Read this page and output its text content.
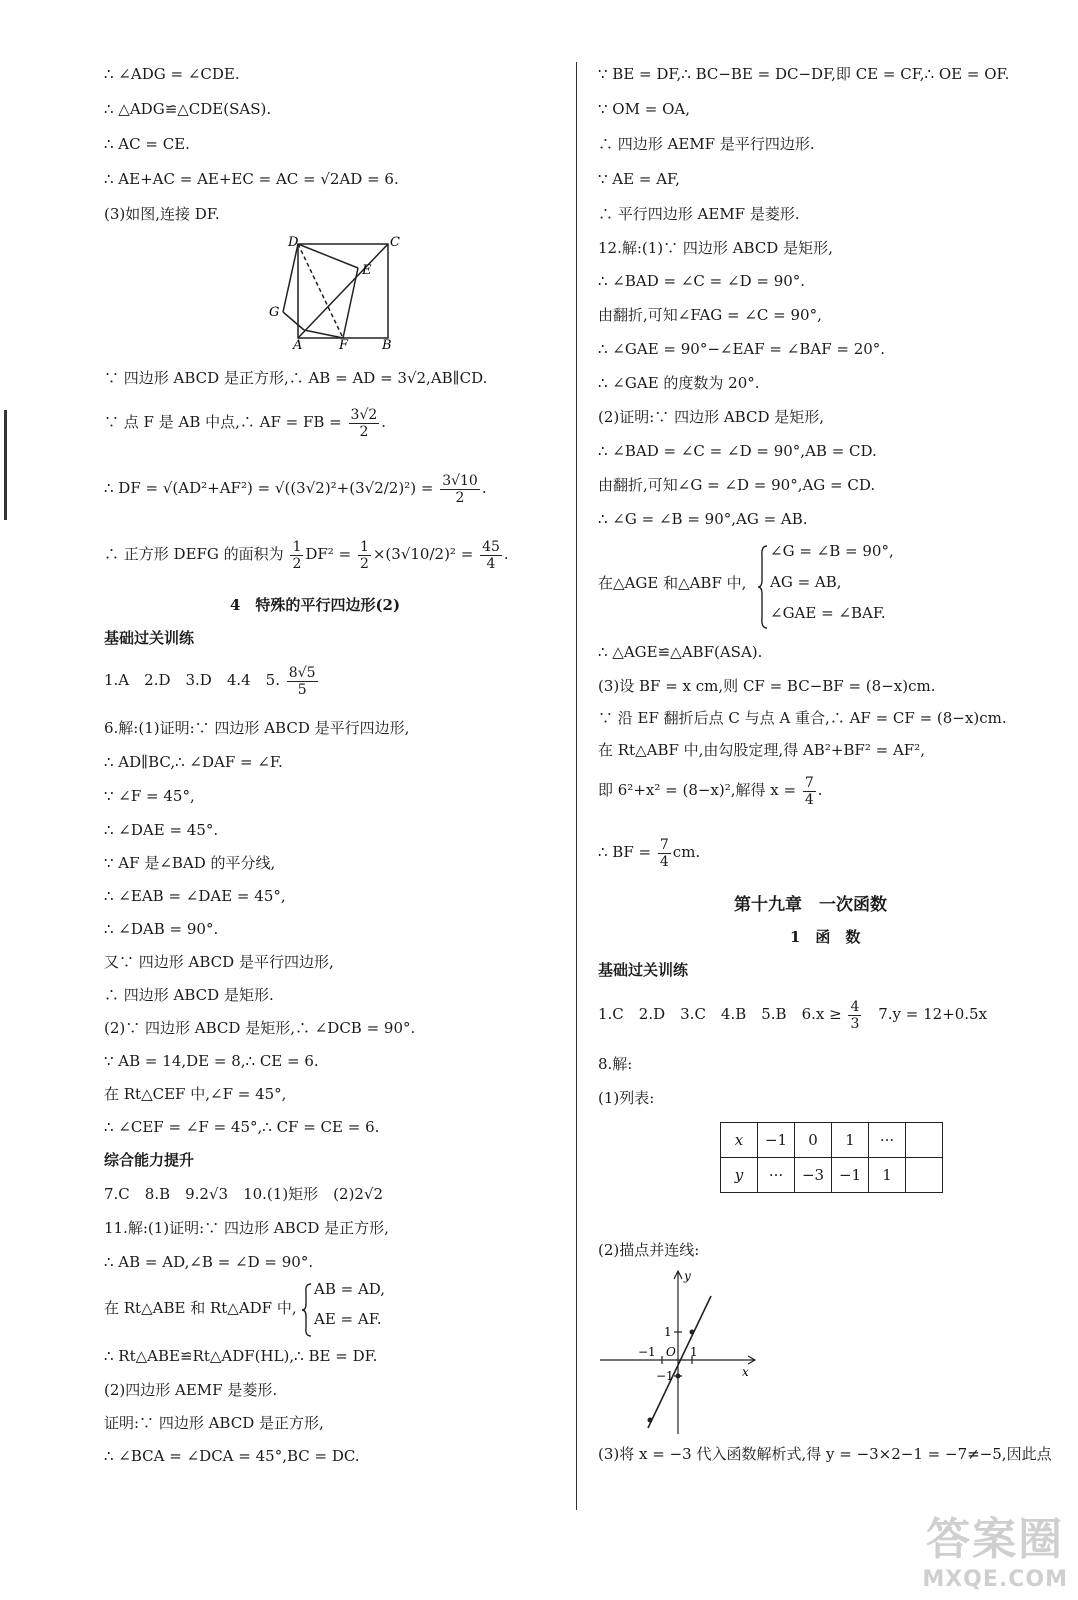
∴ ∠ADG = ∠CDE.
∴ △ADG≌△CDE(SAS).
∴ AC = CE.
∴ AE+AC = AE+EC = AC = √2AD = 6.
(3)如图,连接 DF.
D	C
E
G
A	F	B
∵ 四边形 ABCD 是正方形,∴ AB = AD = 3√2,AB∥CD.
∵ 点 F 是 AB 中点,∴ AF = FB = $\frac{3√2}{2}$ .
∴ DF = $√(AD^2+AF^2) = √((3√2)^2+(3√2/2)^2) = \frac{3√10}{2}$ .
∴ 正方形 DEFG 的面积为 $\frac{1}{2} DF^2 = \frac{1}{2} \times(3√10/2)^2 = \frac{45}{4}$ .
4　特殊的平行四边形(2)
基础过关训练
1.A　2.D　3.D　4.4　5. $\frac{8√5}{5}$
6.解:(1)证明:∵ 四边形 ABCD 是平行四边形,
∴ AD∥BC,∴ ∠DAF = ∠F.
∵ ∠F = 45°,
∴ ∠DAE = 45°.
∵ AF 是∠BAD 的平分线,
∴ ∠EAB = ∠DAE = 45°,
∴ ∠DAB = 90°.
又∵ 四边形 ABCD 是平行四边形,
∴ 四边形 ABCD 是矩形.
(2)∵ 四边形 ABCD 是矩形,∴ ∠DCB = 90°.
∵ AB = 14,DE = 8,∴ CE = 6.
在 Rt△CEF 中,∠F = 45°,
∴ ∠CEF = ∠F = 45°,∴ CF = CE = 6.
综合能力提升
7.C　8.B　9.2√3　10.(1)矩形　(2)2√2
11.解:(1)证明:∵ 四边形 ABCD 是正方形,
∴ AB = AD,∠B = ∠D = 90°.
在 Rt△ABE 和 Rt△ADF 中,
AB = AD,
AE = AF.
∴ Rt△ABE≌Rt△ADF(HL),∴ BE = DF.
(2)四边形 AEMF 是菱形.
证明:∵ 四边形 ABCD 是正方形,
∴ ∠BCA = ∠DCA = 45°,BC = DC.
∵ BE = DF,∴ BC−BE = DC−DF,即 CE = CF,∴ OE = OF.
∵ OM = OA,
∴ 四边形 AEMF 是平行四边形.
∵ AE = AF,
∴ 平行四边形 AEMF 是菱形.
12.解:(1)∵ 四边形 ABCD 是矩形,
∴ ∠BAD = ∠C = ∠D = 90°.
由翻折,可知∠FAG = ∠C = 90°,
∴ ∠GAE = 90°−∠EAF = ∠BAF = 20°.
∴ ∠GAE 的度数为 20°.
(2)证明:∵ 四边形 ABCD 是矩形,
∴ ∠BAD = ∠C = ∠D = 90°,AB = CD.
由翻折,可知∠G = ∠D = 90°,AG = CD.
∴ ∠G = ∠B = 90°,AG = AB.
在△AGE 和△ABF 中,
∠G = ∠B = 90°,
AG = AB,
∠GAE = ∠BAF.
∴ △AGE≌△ABF(ASA).
(3)设 BF = x cm,则 CF = BC−BF = (8−x)cm.
∵ 沿 EF 翻折后点 C 与点 A 重合,∴ AF = CF = (8−x)cm.
在 Rt△ABF 中,由勾股定理,得 AB²+BF² = AF²,
即 6²+x² = (8−x)²,解得 $x = \frac{7}{4}$ .
∴ BF = $\frac{7}{4}$ cm.
第十九章　一次函数
1　函　数
基础过关训练
1.C　2.D　3.C　4.B　5.B　$6.x \ge \frac{4}{3} 7.y = 12+0.5x$
8.解:
(1)列表:
x	−1	0	1	···	
y	···	−3	−1	1	
(2)描点并连线:
y
x
1
−1 O 1
−1
(3)将 x = −3 代入函数解析式,得 y = −3×2−1 = −7≠−5,因此点
答案圈
MXQE.COM
